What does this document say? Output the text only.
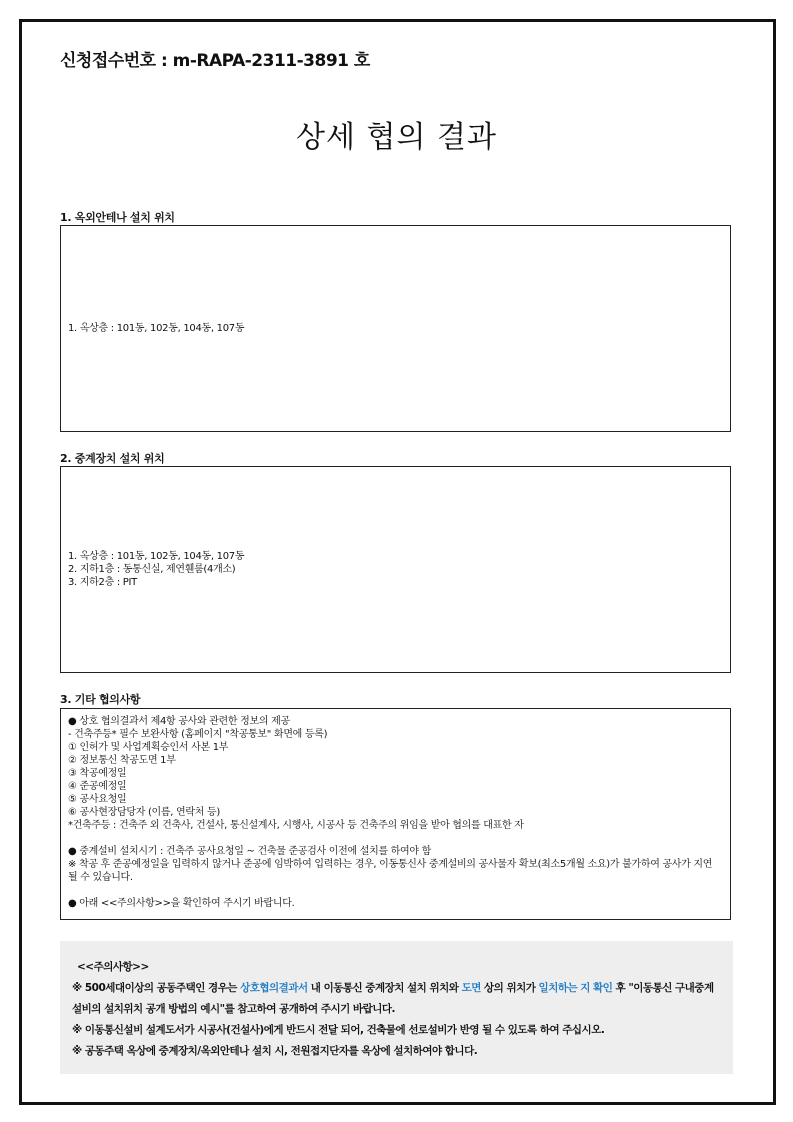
신청접수번호 : m-RAPA-2311-3891 호
상세 협의 결과
1. 옥외안테나 설치 위치
1. 옥상층 : 101동, 102동, 104동, 107동
2. 중계장치 설치 위치
1. 옥상층 : 101동, 102동, 104동, 107동
2. 지하1층 : 동통신실, 제연휀룸(4개소)
3. 지하2층 : PIT
3. 기타 협의사항
● 상호 협의결과서 제4항 공사와 관련한 정보의 제공
- 건축주등* 필수 보완사항 (홈페이지 "착공통보" 화면에 등록)
① 인허가 및 사업계획승인서 사본 1부
② 정보통신 착공도면 1부
③ 착공예정일
④ 준공예정일
⑤ 공사요청일
⑥ 공사현장담당자 (이름, 연락처 등)
*건축주등 : 건축주 외 건축사, 건설사, 통신설계사, 시행사, 시공사 등 건축주의 위임을 받아 협의를 대표한 자
● 중계설비 설치시기 : 건축주 공사요청일 ~ 건축물 준공검사 이전에 설치를 하여야 함
※ 착공 후 준공예정일을 입력하지 않거나 준공에 임박하여 입력하는 경우, 이동통신사 중계설비의 공사물자 확보(최소5개월 소요)가 불가하여 공사가 지연 될 수 있습니다.
● 아래 <<주의사항>>을 확인하여 주시기 바랍니다.
<<주의사항>>
※ 500세대이상의 공동주택인 경우는 상호협의결과서 내 이동통신 중계장치 설치 위치와 도면 상의 위치가 일치하는 지 확인 후 "이동통신 구내중계
설비의 설치위치 공개 방법의 예시"를 참고하여 공개하여 주시기 바랍니다.
※ 이동통신설비 설계도서가 시공사(건설사)에게 반드시 전달 되어, 건축물에 선로설비가 반영 될 수 있도록 하여 주십시오.
※ 공동주택 옥상에 중계장치/옥외안테나 설치 시, 전원접지단자를 옥상에 설치하여야 합니다.
